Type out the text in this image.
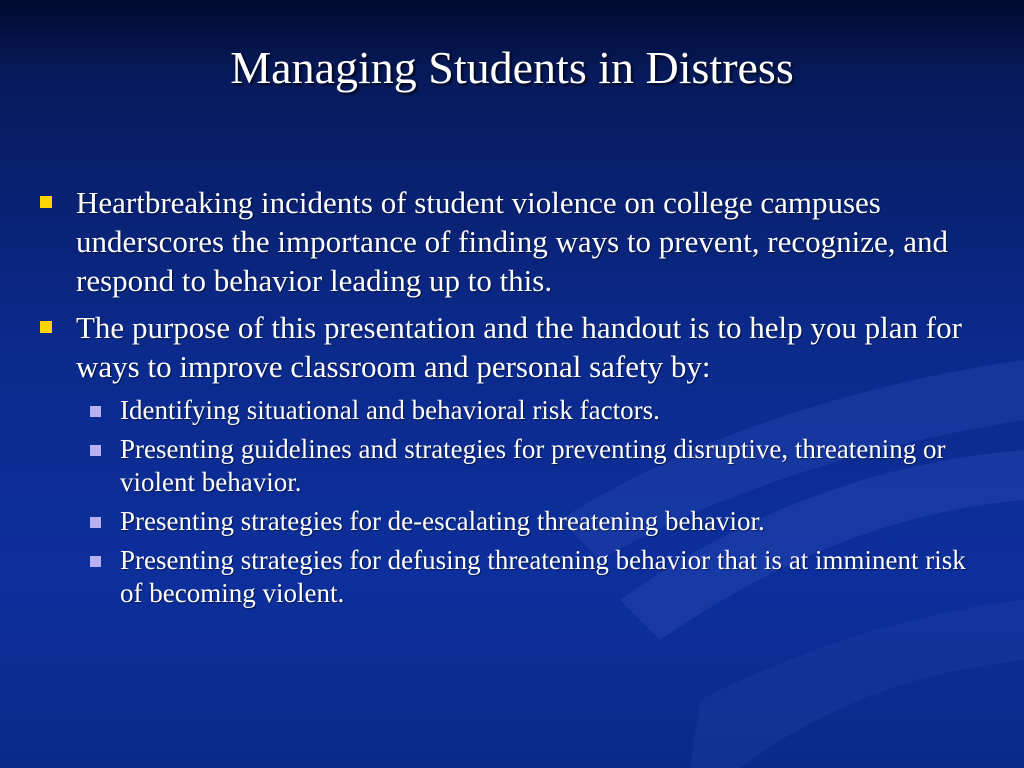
Managing Students in Distress
Heartbreaking incidents of student violence on college campuses underscores the importance of finding ways to prevent, recognize, and respond to behavior leading up to this.
The purpose of this presentation and the handout is to help you plan for ways to improve classroom and personal safety by:
Identifying situational and behavioral risk factors.
Presenting guidelines and strategies for preventing disruptive, threatening or violent behavior.
Presenting strategies for de-escalating threatening behavior.
Presenting strategies for defusing threatening behavior that is at imminent risk of becoming violent.
